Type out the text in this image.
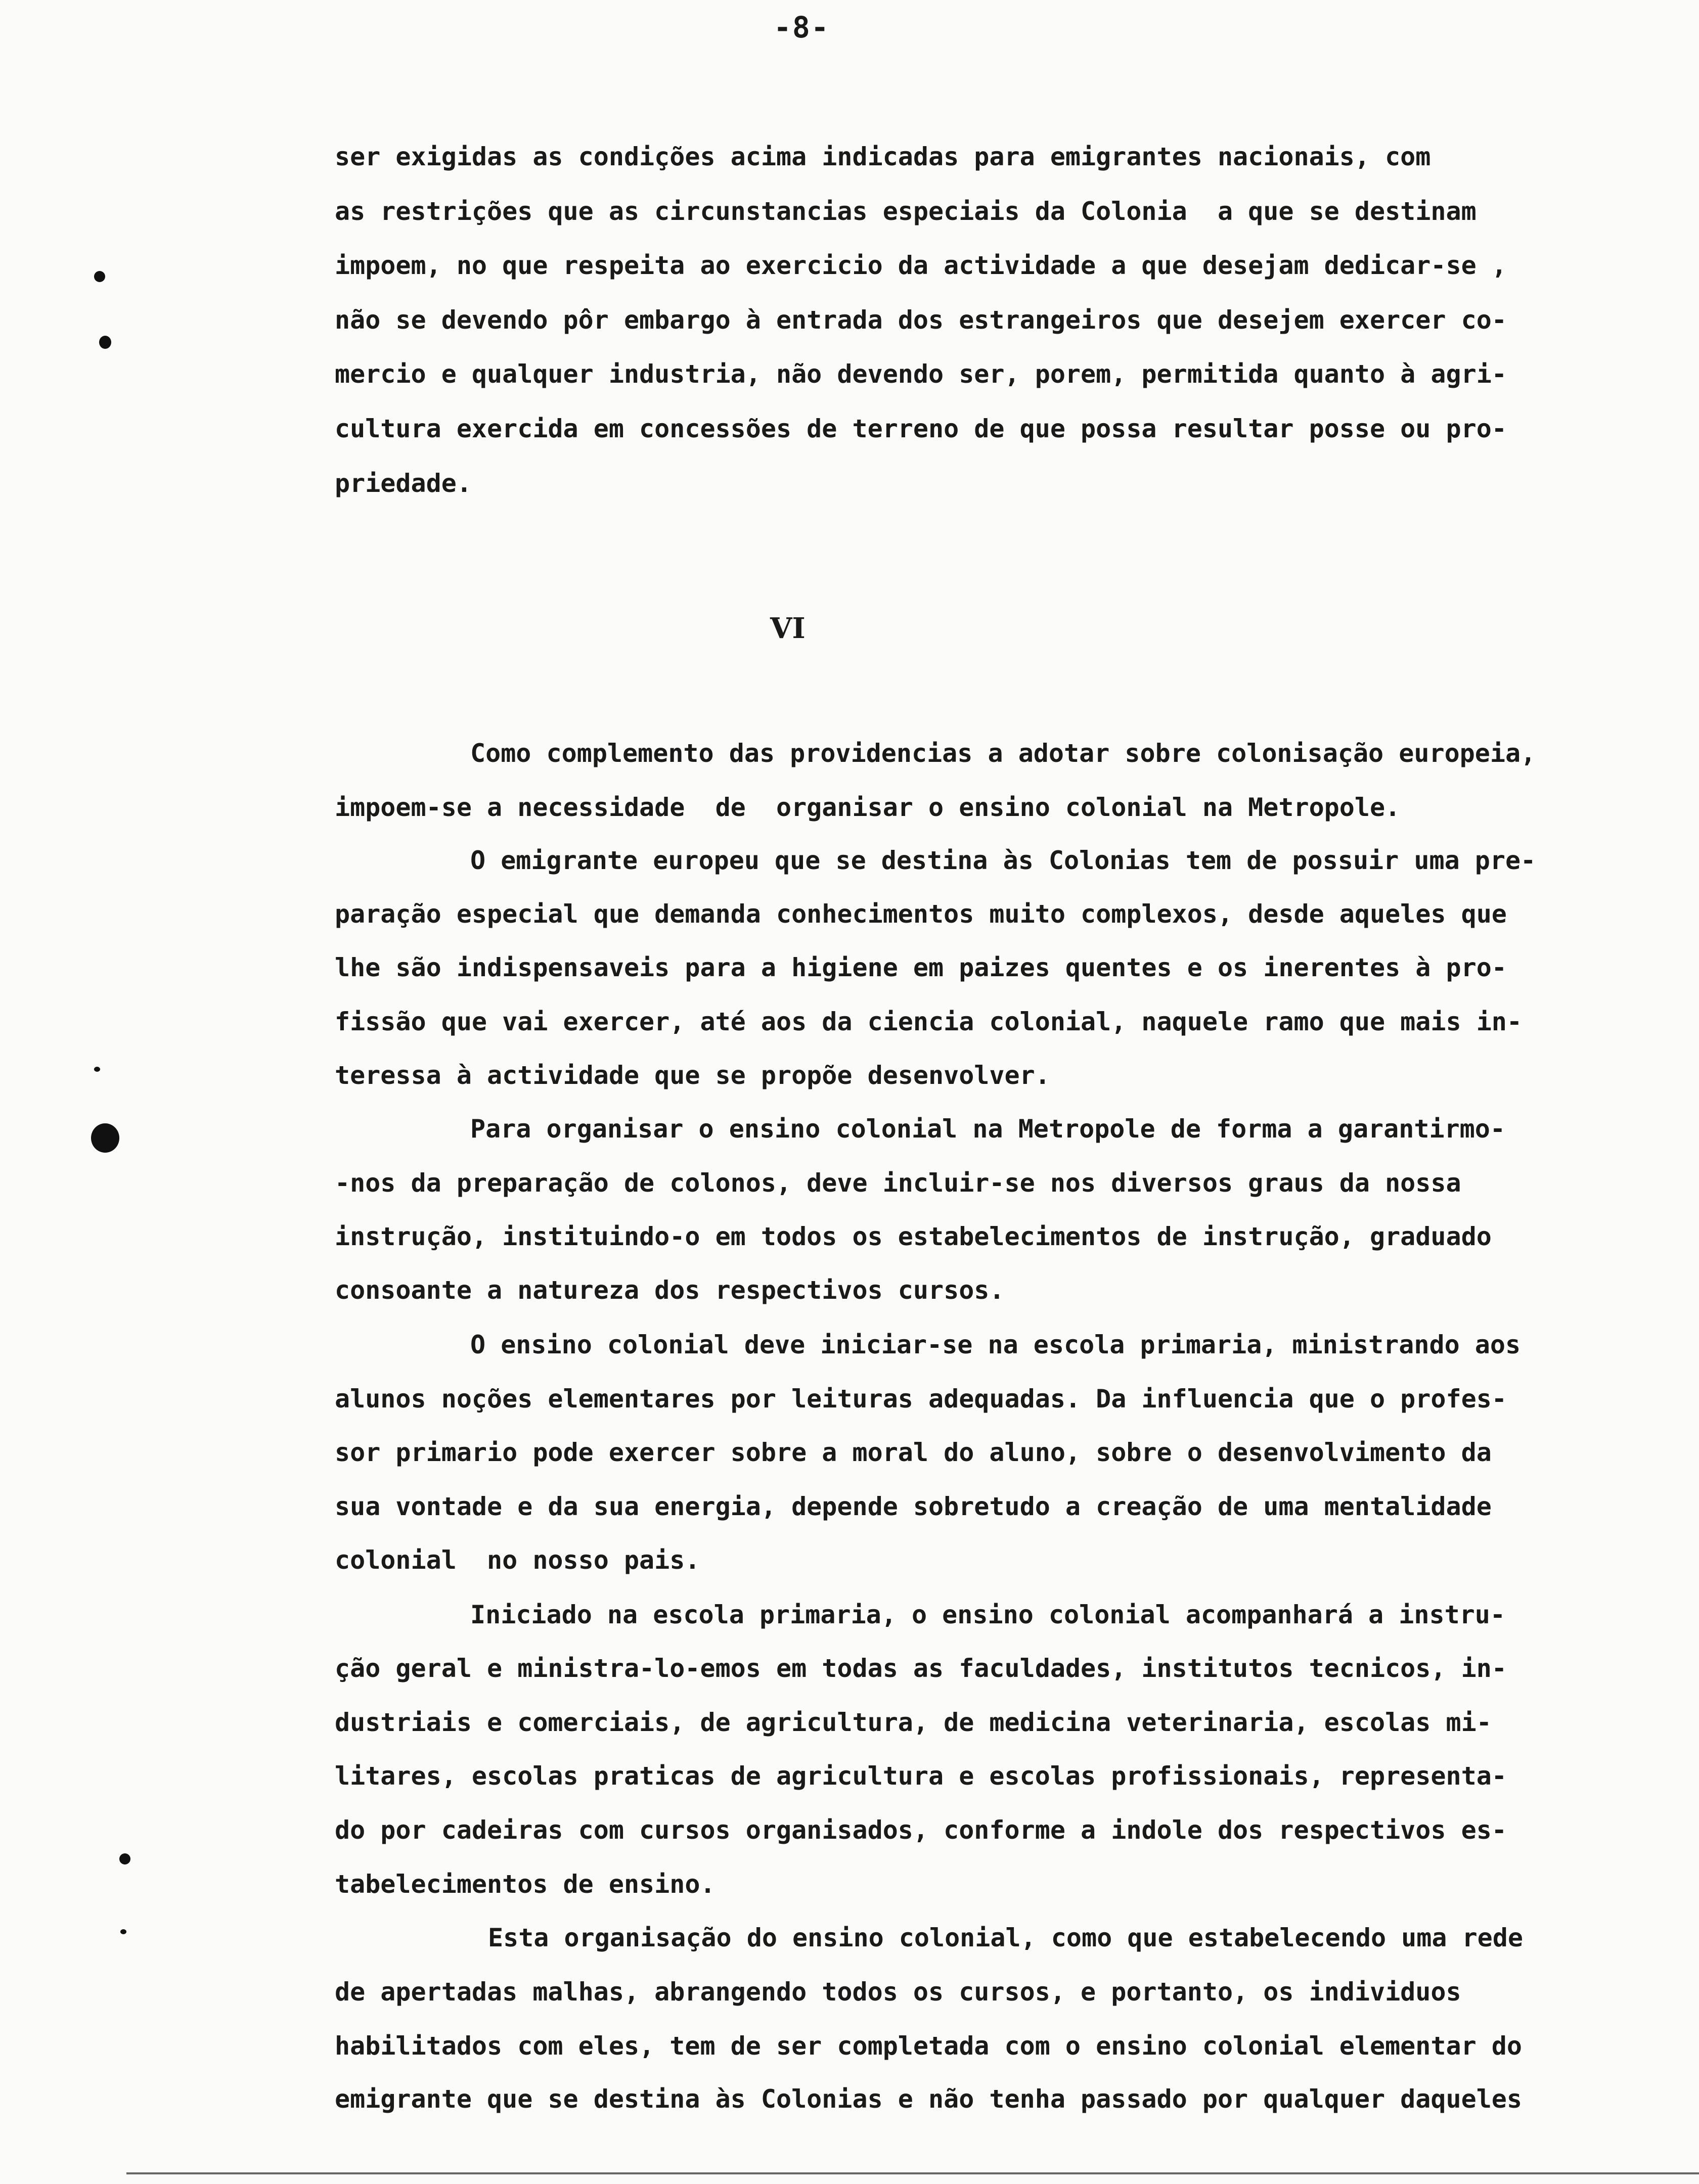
-8-
ser exigidas as condições acima indicadas para emigrantes nacionais, com
as restrições que as circunstancias especiais da Colonia  a que se destinam
impoem, no que respeita ao exercicio da actividade a que desejam dedicar-se ,
não se devendo pôr embargo à entrada dos estrangeiros que desejem exercer co-
mercio e qualquer industria, não devendo ser, porem, permitida quanto à agri-
cultura exercida em concessões de terreno de que possa resultar posse ou pro-
priedade.
VI
Como complemento das providencias a adotar sobre colonisação europeia,
impoem-se a necessidade  de  organisar o ensino colonial na Metropole.
O emigrante europeu que se destina às Colonias tem de possuir uma pre-
paração especial que demanda conhecimentos muito complexos, desde aqueles que
lhe são indispensaveis para a higiene em paizes quentes e os inerentes à pro-
fissão que vai exercer, até aos da ciencia colonial, naquele ramo que mais in-
teressa à actividade que se propõe desenvolver.
Para organisar o ensino colonial na Metropole de forma a garantirmo-
-nos da preparação de colonos, deve incluir-se nos diversos graus da nossa
instrução, instituindo-o em todos os estabelecimentos de instrução, graduado
consoante a natureza dos respectivos cursos.
O ensino colonial deve iniciar-se na escola primaria, ministrando aos
alunos noções elementares por leituras adequadas. Da influencia que o profes-
sor primario pode exercer sobre a moral do aluno, sobre o desenvolvimento da
sua vontade e da sua energia, depende sobretudo a creação de uma mentalidade
colonial  no nosso pais.
Iniciado na escola primaria, o ensino colonial acompanhará a instru-
ção geral e ministra-lo-emos em todas as faculdades, institutos tecnicos, in-
dustriais e comerciais, de agricultura, de medicina veterinaria, escolas mi-
litares, escolas praticas de agricultura e escolas profissionais, representa-
do por cadeiras com cursos organisados, conforme a indole dos respectivos es-
tabelecimentos de ensino.
Esta organisação do ensino colonial, como que estabelecendo uma rede
de apertadas malhas, abrangendo todos os cursos, e portanto, os individuos
habilitados com eles, tem de ser completada com o ensino colonial elementar do
emigrante que se destina às Colonias e não tenha passado por qualquer daqueles
